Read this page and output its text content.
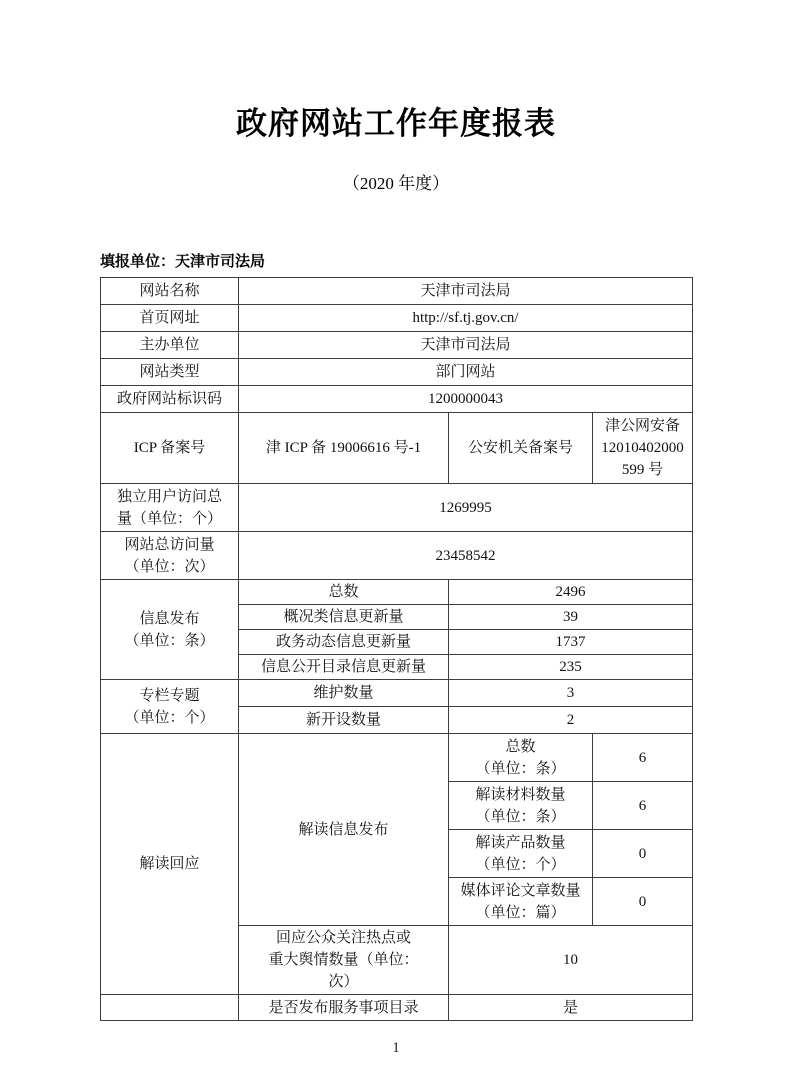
政府网站工作年度报表
（2020 年度）
填报单位：天津市司法局
网站名称	天津市司法局		
首页网址	http://sf.tj.gov.cn/		
主办单位	天津市司法局		
网站类型	部门网站		
政府网站标识码	1200000043		
ICP 备案号	津 ICP 备 19006616 号-1	公安机关备案号	津公网安备
12010402000
599 号

独立用户访问总
量（单位：个）	1269995		

网站总访问量
（单位：次）	23458542		

信息发布
（单位：条）	总数	2496	
	概况类信息更新量	39	
	政务动态信息更新量	1737	
	信息公开目录信息更新量	235	

专栏专题
（单位：个）	维护数量	3	
	新开设数量	2	
解读回应	解读信息发布	总数
（单位：条）	6

		解读材料数量
（单位：条）	6

		解读产品数量
（单位：个）	0

		媒体评论文章数量
（单位：篇）	0

	回应公众关注热点或
重大舆情数量（单位：
次）	10	
	是否发布服务事项目录	是	
1
